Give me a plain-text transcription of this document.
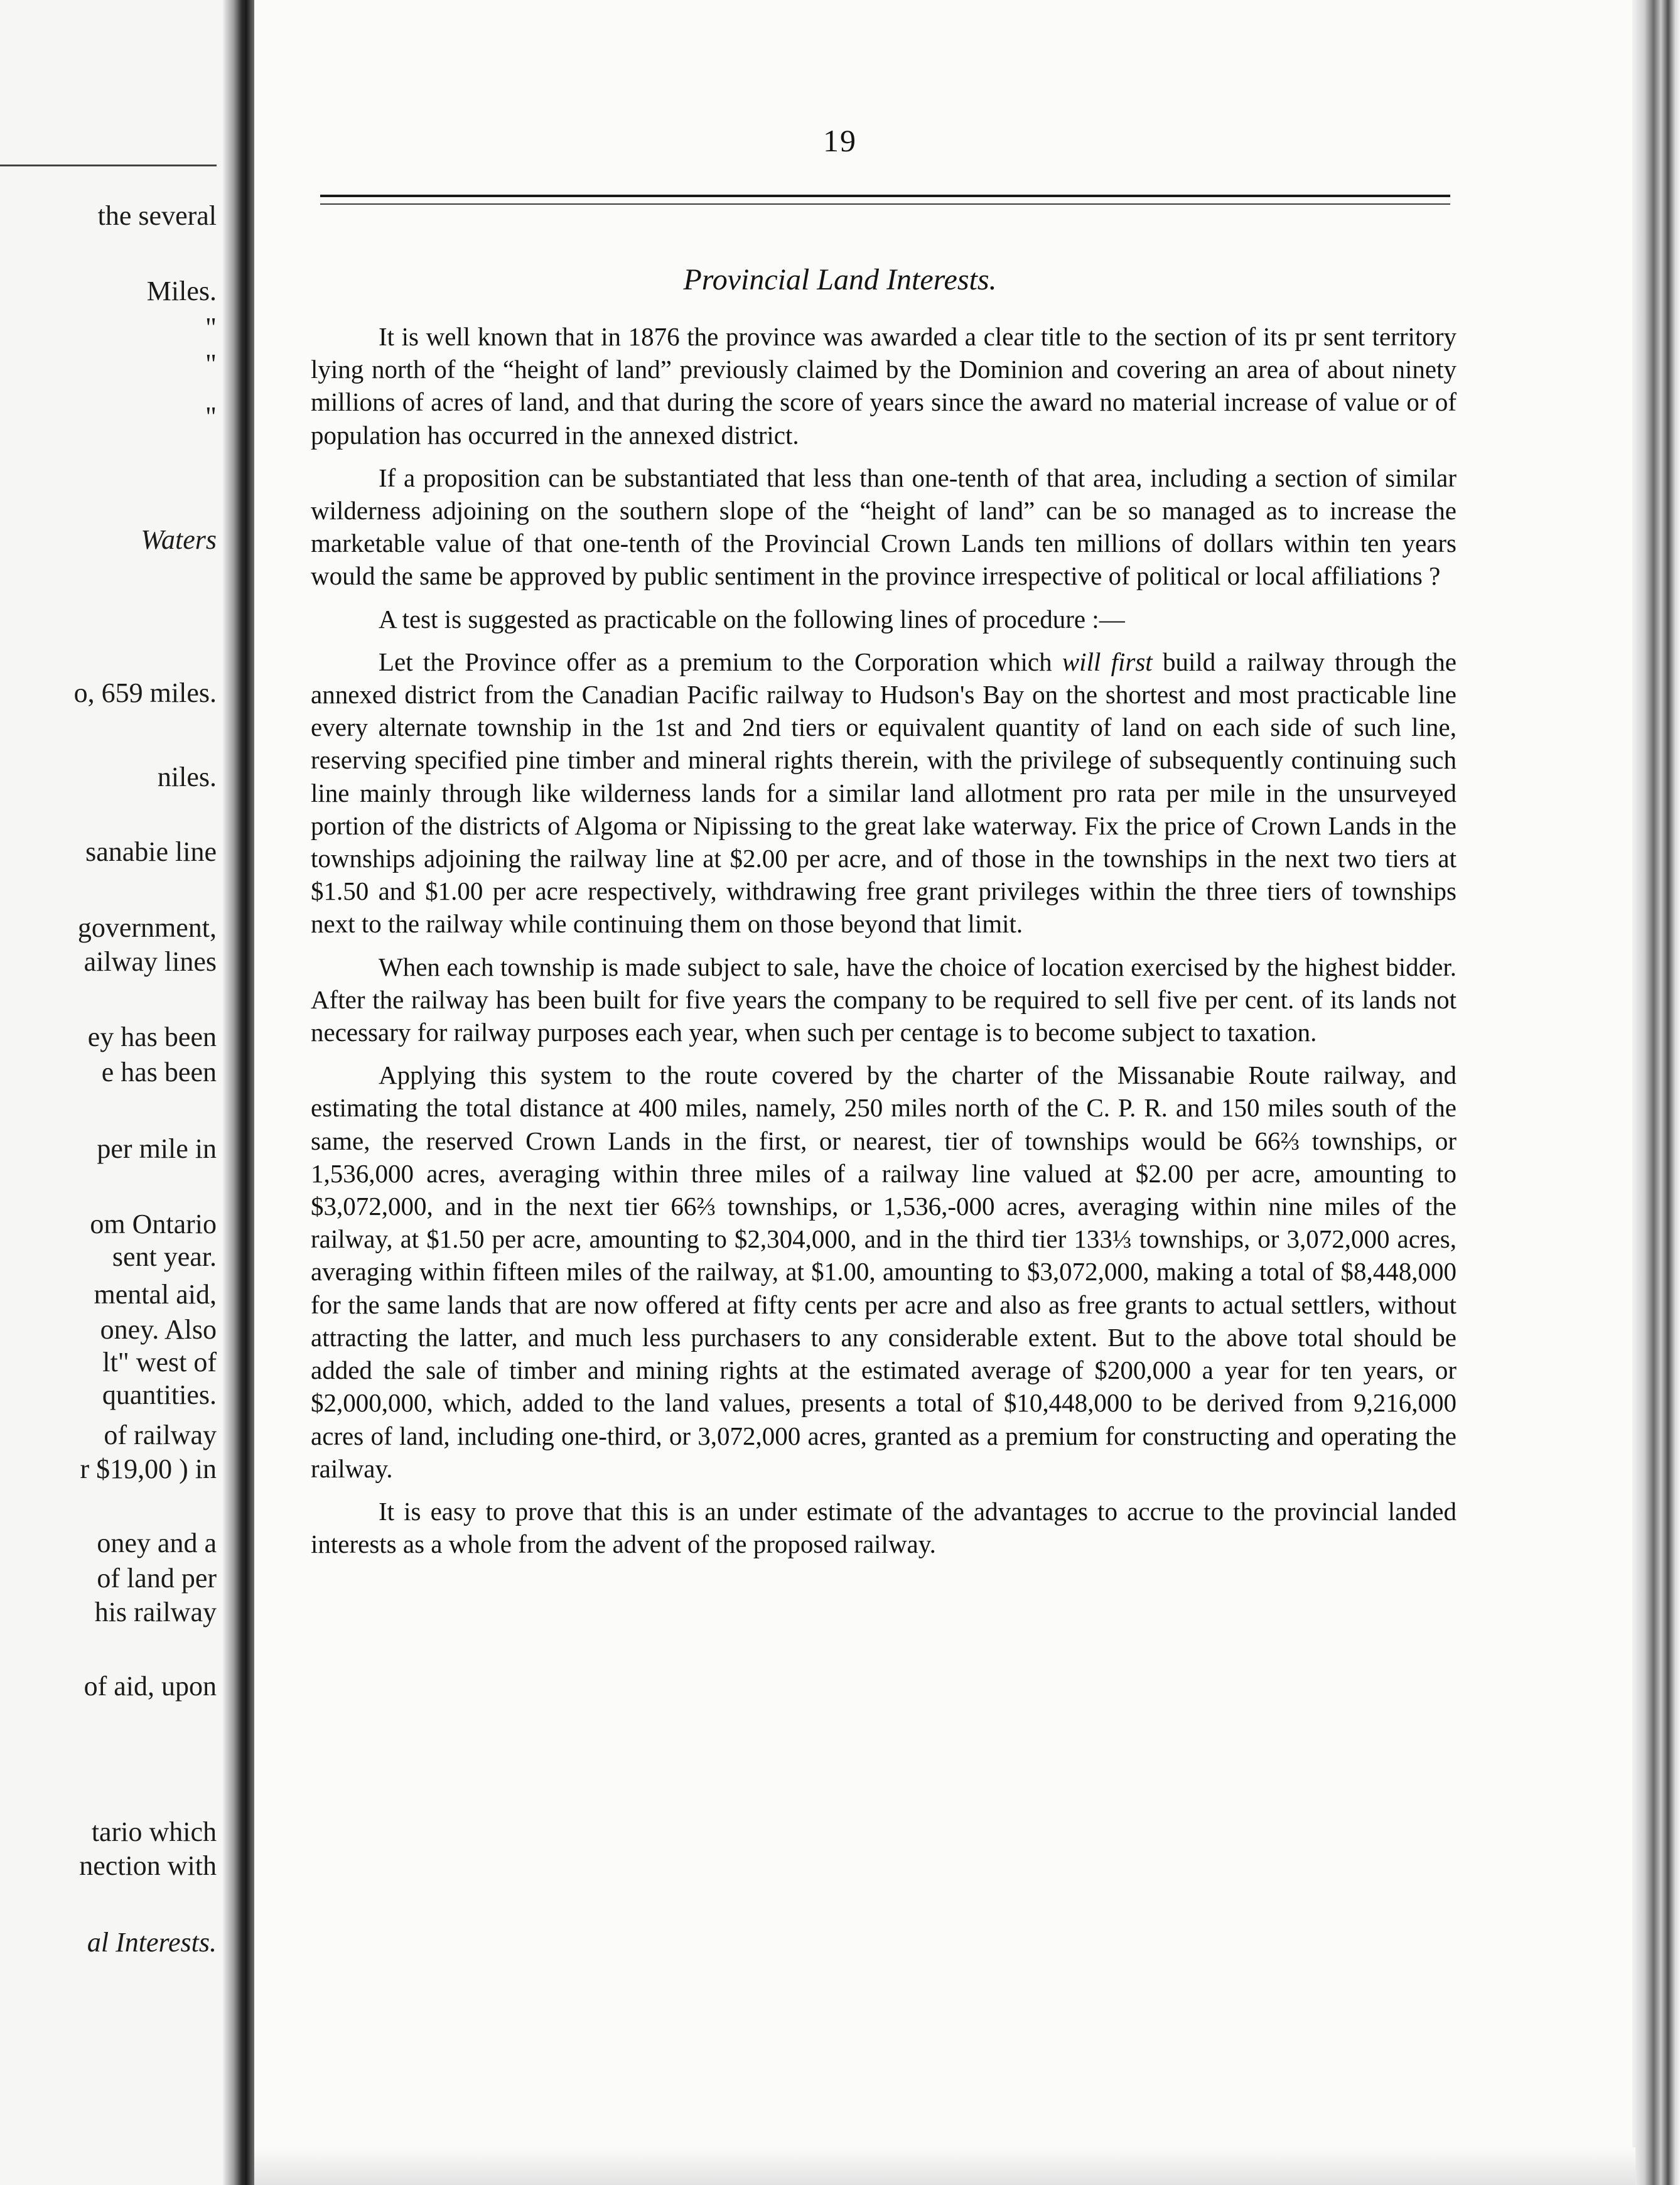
the several
Miles.
"
"
"
Waters
o, 659 miles.
niles.
sanabie line
government,
ailway lines
ey has been
e has been
per mile in
om Ontario
sent year.
mental aid,
oney. Also
lt" west of
quantities.
of railway
r $19,00 ) in
oney and a
of land per
his railway
of aid, upon
tario which
nection with
al Interests.
19
Provincial Land Interests.

It is well known that in 1876 the province was awarded a clear title to the section of its pr sent territory lying north of the “height of land” previously claimed by the Dominion and covering an area of about ninety millions of acres of land, and that during the score of years since the award no material increase of value or of population has occurred in the annexed district.

If a proposition can be substantiated that less than one-tenth of that area, including a section of similar wilderness adjoining on the southern slope of the “height of land” can be so managed as to increase the marketable value of that one-tenth of the Provincial Crown Lands ten millions of dollars within ten years would the same be approved by public sentiment in the province irrespective of political or local affiliations ?

A test is suggested as practicable on the following lines of procedure :—

Let the Province offer as a premium to the Corporation which will first build a railway through the annexed district from the Canadian Pacific railway to Hudson's Bay on the shortest and most practicable line every alternate township in the 1st and 2nd tiers or equivalent quantity of land on each side of such line, reserving specified pine timber and mineral rights therein, with the privilege of subsequently continuing such line mainly through like wilderness lands for a similar land allotment pro rata per mile in the unsurveyed portion of the districts of Algoma or Nipissing to the great lake waterway. Fix the price of Crown Lands in the townships adjoining the railway line at $2.00 per acre, and of those in the townships in the next two tiers at $1.50 and $1.00 per acre respectively, withdrawing free grant privileges within the three tiers of townships next to the railway while continuing them on those beyond that limit.

When each township is made subject to sale, have the choice of location exercised by the highest bidder. After the railway has been built for five years the company to be required to sell five per cent. of its lands not necessary for railway purposes each year, when such per centage is to become subject to taxation.

Applying this system to the route covered by the charter of the Missanabie Route railway, and estimating the total distance at 400 miles, namely, 250 miles north of the C. P. R. and 150 miles south of the same, the reserved Crown Lands in the first, or nearest, tier of townships would be 66⅔ townships, or 1,536,000 acres, averaging within three miles of a railway line valued at $2.00 per acre, amounting to $3,072,000, and in the next tier 66⅔ townships, or 1,536,-000 acres, averaging within nine miles of the railway, at $1.50 per acre, amounting to $2,304,000, and in the third tier 133⅓ townships, or 3,072,000 acres, averaging within fifteen miles of the railway, at $1.00, amounting to $3,072,000, making a total of $8,448,000 for the same lands that are now offered at fifty cents per acre and also as free grants to actual settlers, without attracting the latter, and much less purchasers to any considerable extent. But to the above total should be added the sale of timber and mining rights at the estimated average of $200,000 a year for ten years, or $2,000,000, which, added to the land values, presents a total of $10,448,000 to be derived from 9,216,000 acres of land, including one-third, or 3,072,000 acres, granted as a premium for constructing and operating the railway.

It is easy to prove that this is an under estimate of the advantages to accrue to the provincial landed interests as a whole from the advent of the proposed railway.
